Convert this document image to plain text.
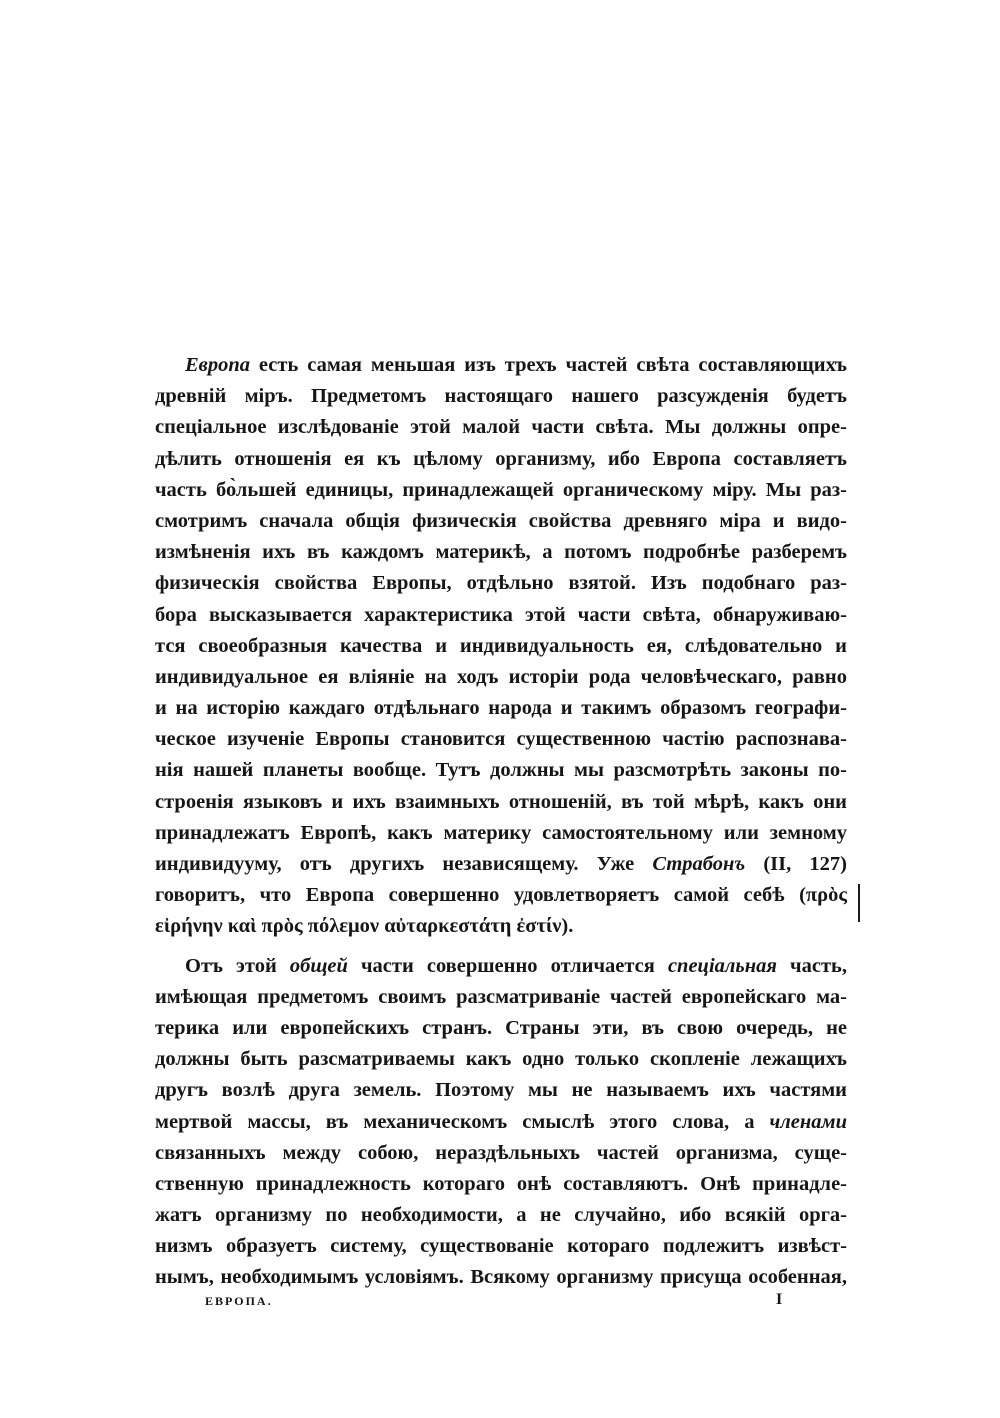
Европа есть самая меньшая изъ трехъ частей свѣта составляющихъ
древній міръ. Предметомъ настоящаго нашего разсужденія будетъ
спеціальное изслѣдованіе этой малой части свѣта. Мы должны опре-
дѣлить отношенія ея къ цѣлому организму, ибо Европа составляетъ
часть бо̀льшей единицы, принадлежащей органическому міру. Мы раз-
смотримъ сначала общія физическія свойства древняго міра и видо-
измѣненія ихъ въ каждомъ материкѣ, а потомъ подробнѣе разберемъ
физическія свойства Европы, отдѣльно взятой. Изъ подобнаго раз-
бора высказывается характеристика этой части свѣта, обнаруживаю-
тся своеобразныя качества и индивидуальность ея, слѣдовательно и
индивидуальное ея вліяніе на ходъ исторіи рода человѣческаго, равно
и на исторію каждаго отдѣльнаго народа и такимъ образомъ географи-
ческое изученіе Европы становится существенною частію распознава-
нія нашей планеты вообще. Тутъ должны мы разсмотрѣть законы по-
строенія языковъ и ихъ взаимныхъ отношеній, въ той мѣрѣ, какъ они
принадлежатъ Европѣ, какъ материку самостоятельному или земному
индивидууму, отъ другихъ независящему. Уже Страбонъ (II, 127)
говоритъ, что Европа совершенно удовлетворяетъ самой себѣ (πρὸς
εἰρήνην καὶ πρὸς πόλεμον αὐταρκεστάτη ἐστίν).
Отъ этой общей части совершенно отличается спеціальная часть,
имѣющая предметомъ своимъ разсматриваніе частей европейскаго ма-
терика или европейскихъ странъ. Страны эти, въ свою очередь, не
должны быть разсматриваемы какъ одно только скопленіе лежащихъ
другъ возлѣ друга земель. Поэтому мы не называемъ ихъ частями
мертвой массы, въ механическомъ смыслѣ этого слова, а членами
связанныхъ между собою, нераздѣльныхъ частей организма, суще-
ственную принадлежность котораго онѣ составляютъ. Онѣ принадле-
жатъ организму по необходимости, а не случайно, ибо всякій орга-
низмъ образуетъ систему, существованіе котораго подлежитъ извѣст-
нымъ, необходимымъ условіямъ. Всякому организму присуща особенная,
ЕВРОПА.	I
